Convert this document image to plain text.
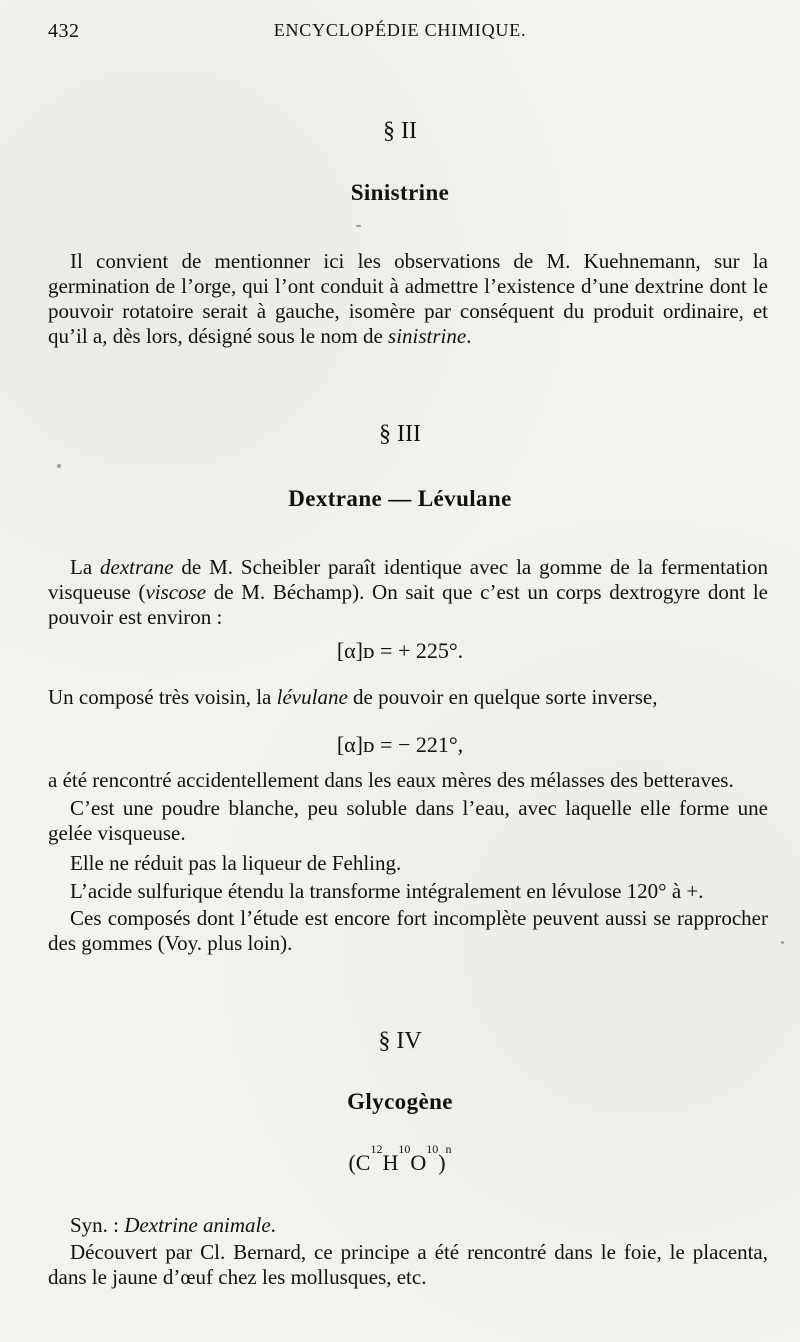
432	ENCYCLOPÉDIE CHIMIQUE.
§ II
Sinistrine
Il convient de mentionner ici les observations de M. Kuehnemann, sur la germination de l’orge, qui l’ont conduit à admettre l’existence d’une dextrine dont le pouvoir rotatoire serait à gauche, isomère par conséquent du produit ordinaire, et qu’il a, dès lors, désigné sous le nom de sinistrine.
§ III
Dextrane — Lévulane
La dextrane de M. Scheibler paraît identique avec la gomme de la fermentation visqueuse (viscose de M. Béchamp). On sait que c’est un corps dextrogyre dont le pouvoir est environ :
[α]ᴅ = + 225°.
Un composé très voisin, la lévulane de pouvoir en quelque sorte inverse,
[α]ᴅ = − 221°,
a été rencontré accidentellement dans les eaux mères des mélasses des betteraves.
C’est une poudre blanche, peu soluble dans l’eau, avec laquelle elle forme une gelée visqueuse.
Elle ne réduit pas la liqueur de Fehling.
L’acide sulfurique étendu la transforme intégralement en lévulose 120° à +.
Ces composés dont l’étude est encore fort incomplète peuvent aussi se rapprocher des gommes (Voy. plus loin).
§ IV
Glycogène
$(C^{12}H^{10}O^{10})^n$
Syn. : Dextrine animale.
Découvert par Cl. Bernard, ce principe a été rencontré dans le foie, le placenta, dans le jaune d’œuf chez les mollusques, etc.
